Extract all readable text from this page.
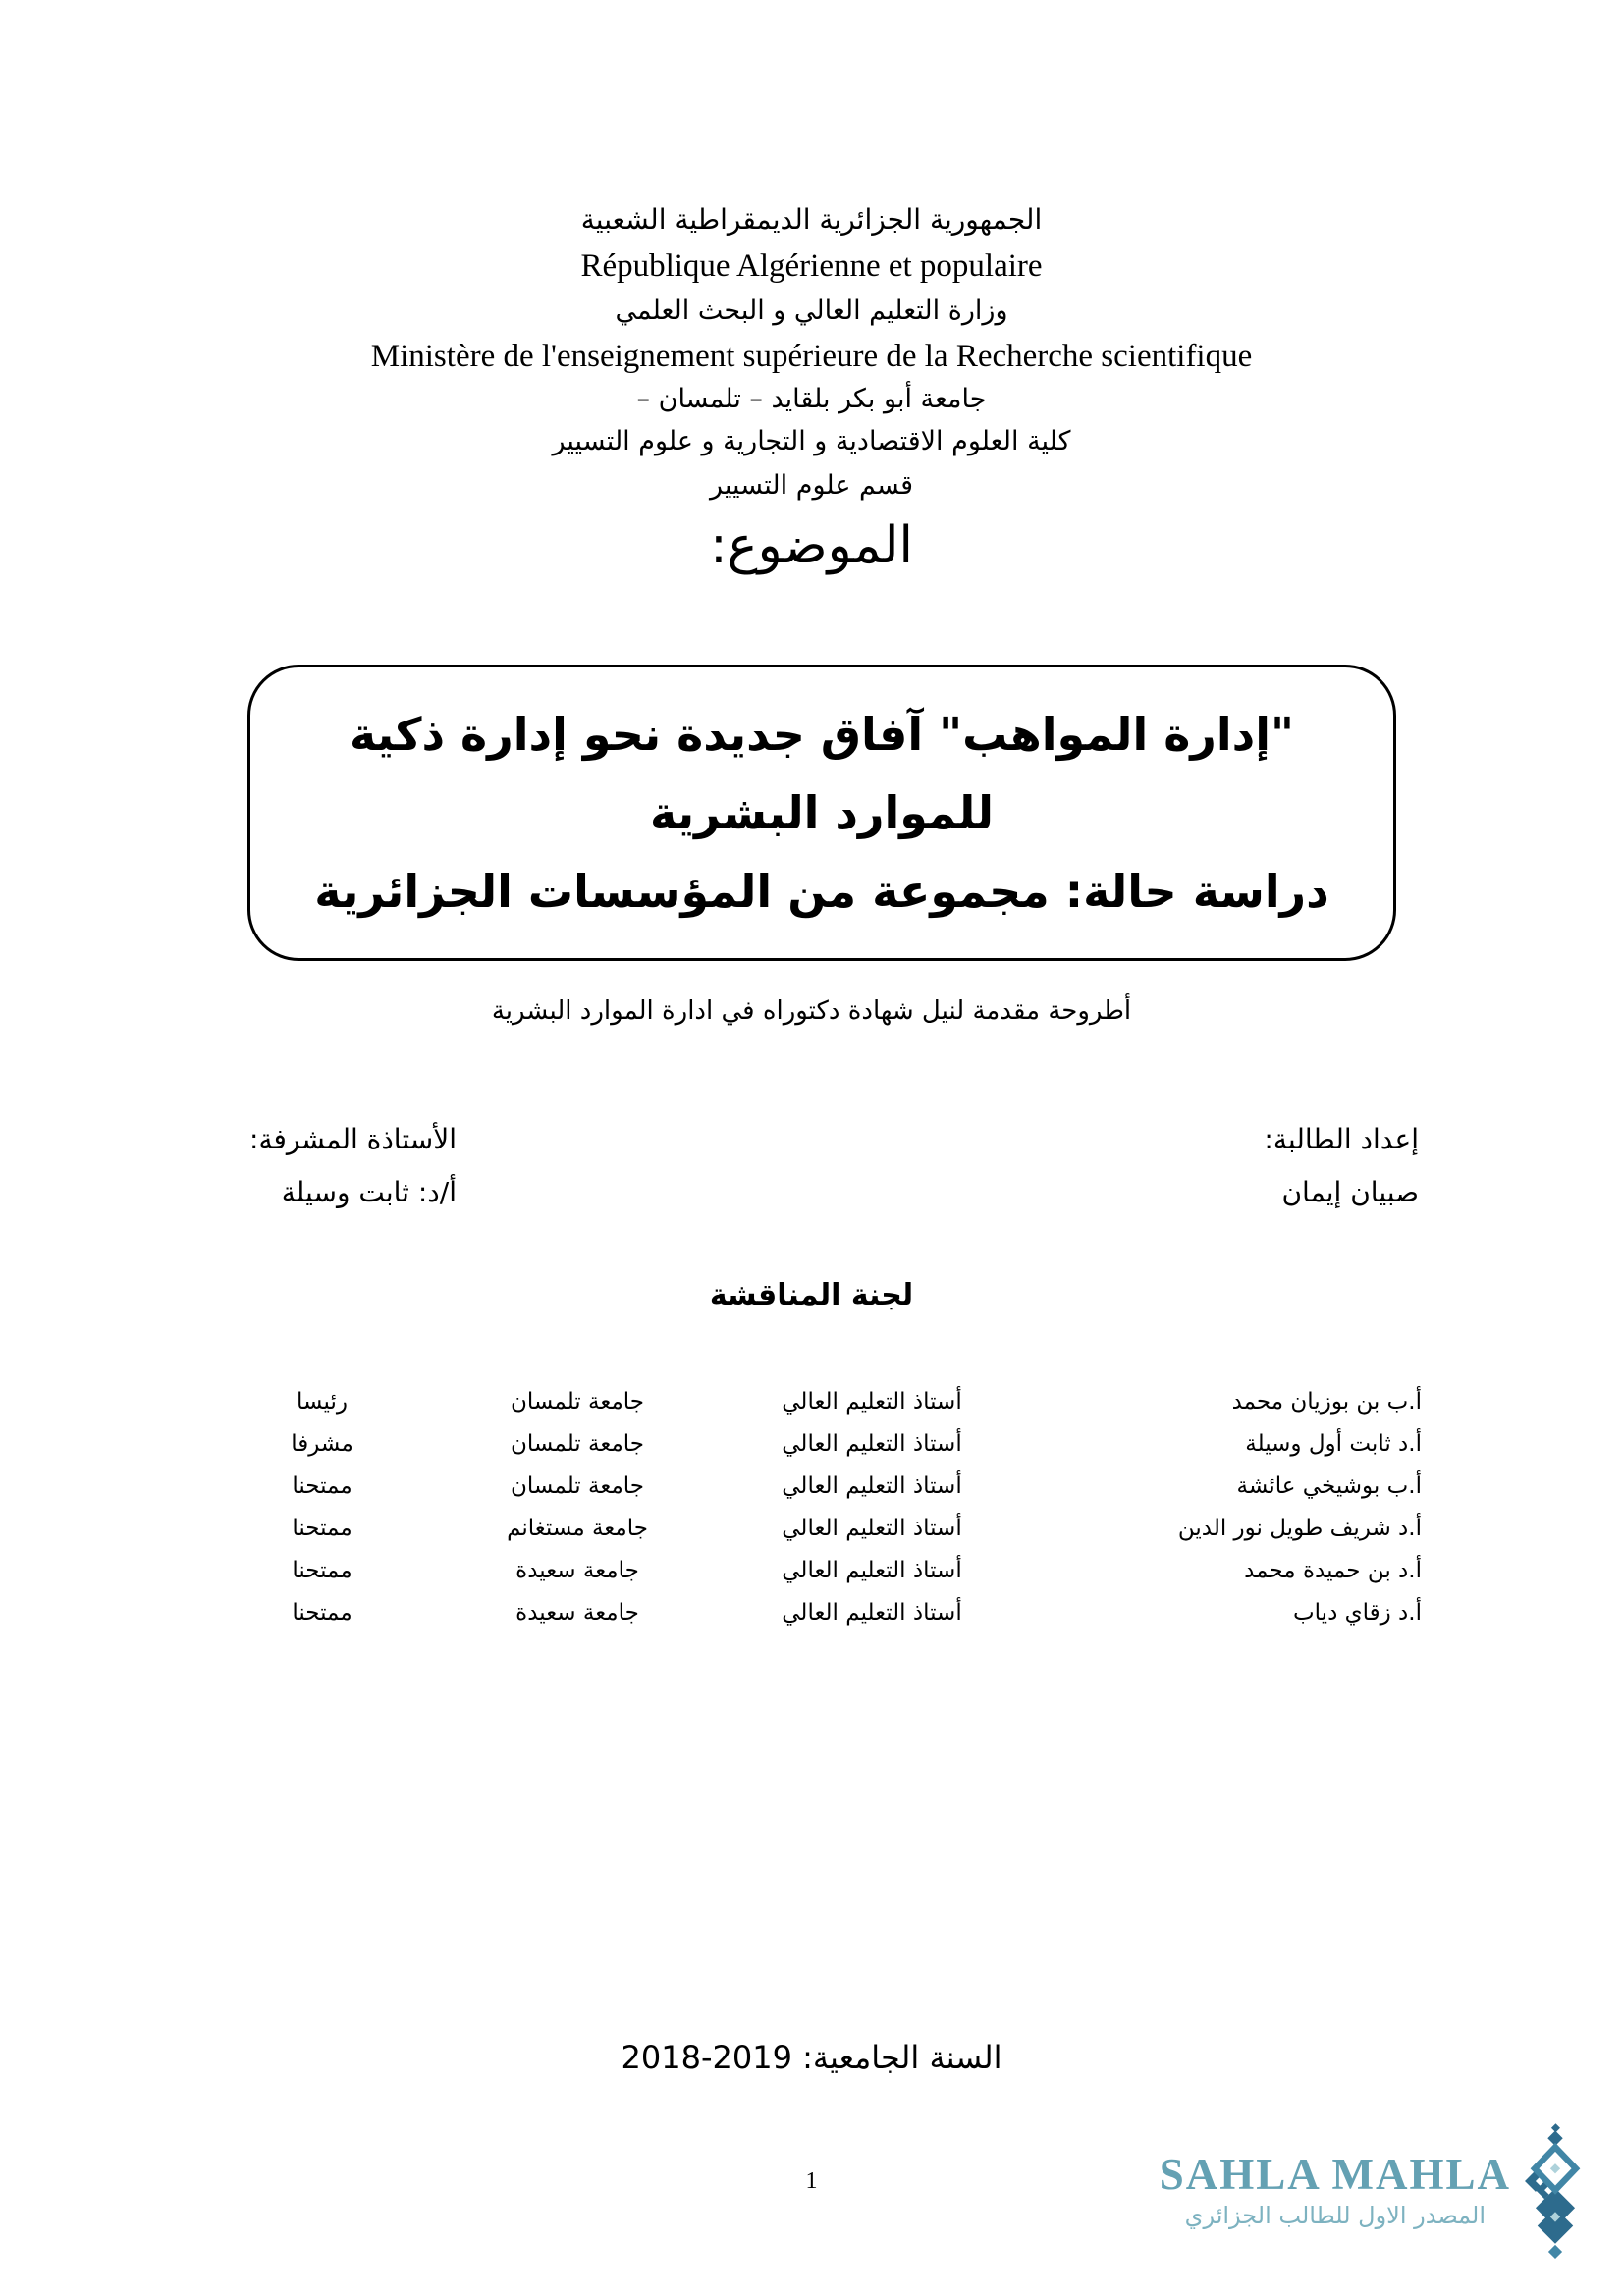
الجمهورية الجزائرية الديمقراطية الشعبية
République Algérienne et populaire
وزارة التعليم العالي و البحث العلمي
Ministère de l'enseignement supérieure de la Recherche scientifique
جامعة أبو بكر بلقايد – تلمسان –
كلية العلوم الاقتصادية و التجارية و علوم التسيير
قسم علوم التسيير
الموضوع:
"إدارة المواهب" آفاق جديدة نحو إدارة ذكية
للموارد البشرية
دراسة حالة: مجموعة من المؤسسات الجزائرية
أطروحة مقدمة لنيل شهادة دكتوراه في ادارة الموارد البشرية
إعداد الطالبة:
صبيان إيمان
الأستاذة المشرفة:
أ/د: ثابت وسيلة
لجنة المناقشة
أ.ب بن بوزيان محمد
أستاذ التعليم العالي
جامعة تلمسان
رئيسا
أ.د ثابت أول وسيلة
أستاذ التعليم العالي
جامعة تلمسان
مشرفا
أ.ب بوشيخي عائشة
أستاذ التعليم العالي
جامعة تلمسان
ممتحنا
أ.د شريف طويل نور الدين
أستاذ التعليم العالي
جامعة مستغانم
ممتحنا
أ.د بن حميدة محمد
أستاذ التعليم العالي
جامعة سعيدة
ممتحنا
أ.د زقاي دياب
أستاذ التعليم العالي
جامعة سعيدة
ممتحنا
السنة الجامعية: 2019-2018
1	SAHLA MAHLA
المصدر الاول للطالب الجزائري
